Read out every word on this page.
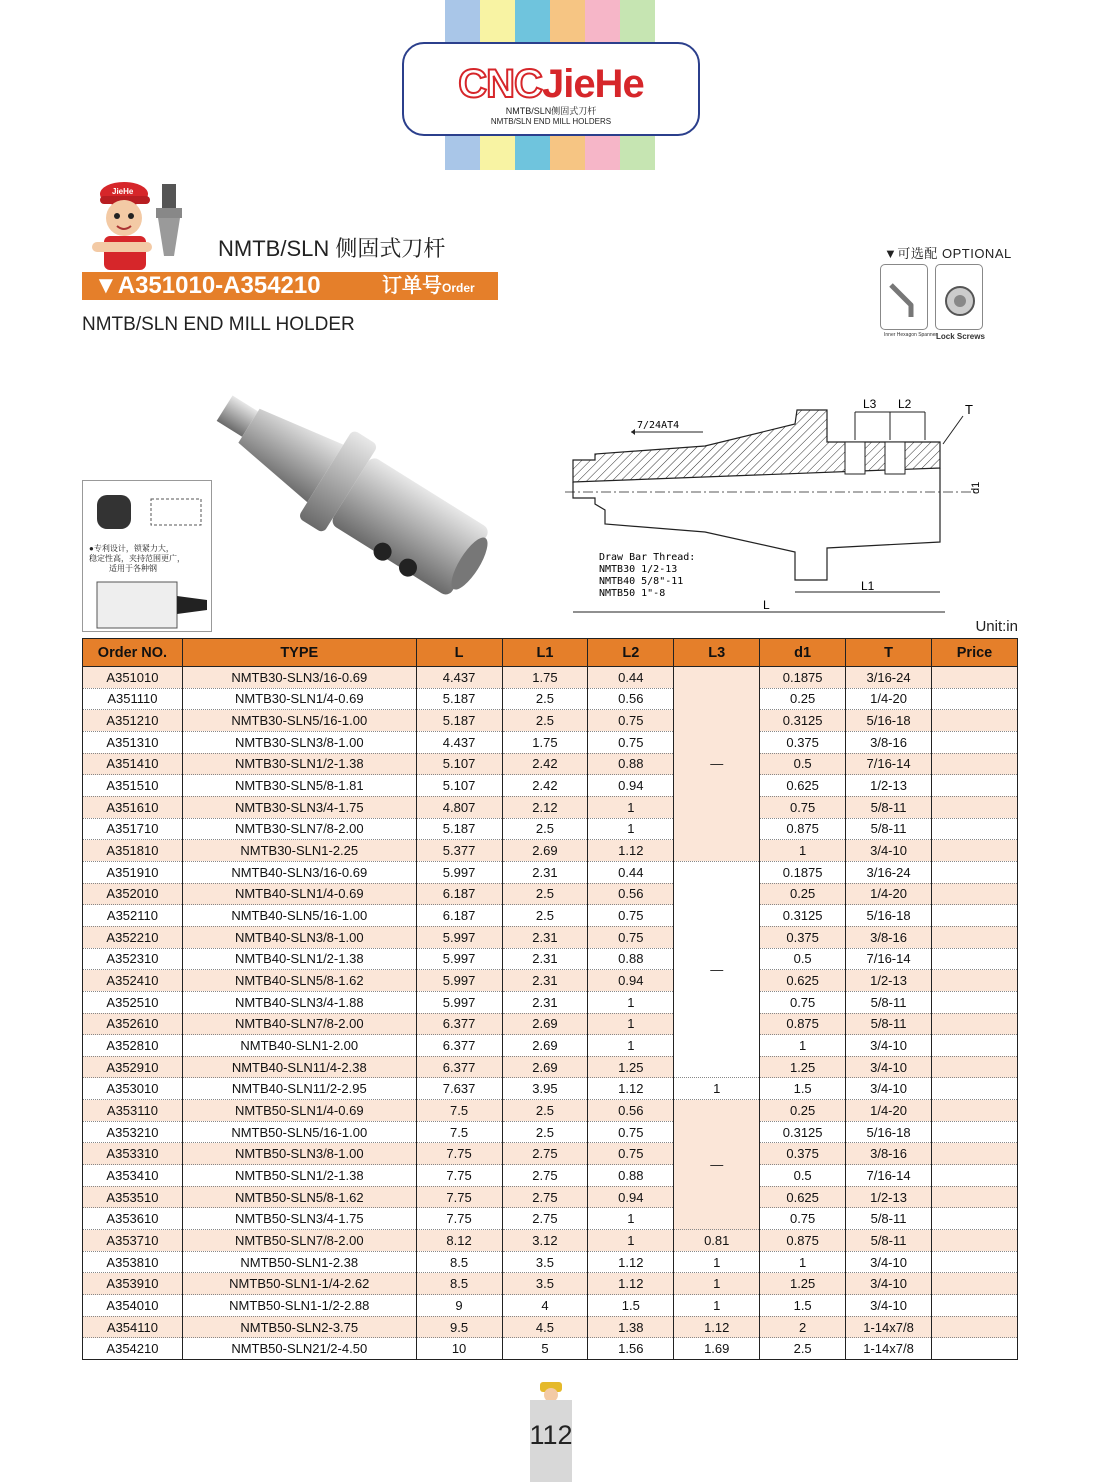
CNCJieHe
NMTB/SLN侧固式刀杆
NMTB/SLN END MILL HOLDERS
JieHe
NMTB/SLN 侧固式刀杆
▼A351010-A354210	订单号Order NO.
NMTB/SLN END MILL HOLDER
▼可选配 OPTIONAL
Inner Hexagon Spanner
Lock Screws
●专利设计，锁紧力大，
稳定性高，夹持范围更广，
适用于各种钢
L3 L2	T
d1
L1
L
7/24AT4
Draw Bar Thread:
NMTB30 1/2-13
NMTB40 5/8"-11
NMTB50 1"-8
Unit:in
Order NO.	TYPE	L	L1	L2	L3	d1	T	Price
A351010	NMTB30-SLN3/16-0.69	4.437	1.75	0.44	—	0.1875	3/16-24	
A351110	NMTB30-SLN1/4-0.69	5.187	2.5	0.56		0.25	1/4-20	
A351210	NMTB30-SLN5/16-1.00	5.187	2.5	0.75		0.3125	5/16-18	
A351310	NMTB30-SLN3/8-1.00	4.437	1.75	0.75		0.375	3/8-16	
A351410	NMTB30-SLN1/2-1.38	5.107	2.42	0.88		0.5	7/16-14	
A351510	NMTB30-SLN5/8-1.81	5.107	2.42	0.94		0.625	1/2-13	
A351610	NMTB30-SLN3/4-1.75	4.807	2.12	1		0.75	5/8-11	
A351710	NMTB30-SLN7/8-2.00	5.187	2.5	1		0.875	5/8-11	
A351810	NMTB30-SLN1-2.25	5.377	2.69	1.12		1	3/4-10	
A351910	NMTB40-SLN3/16-0.69	5.997	2.31	0.44	—	0.1875	3/16-24	
A352010	NMTB40-SLN1/4-0.69	6.187	2.5	0.56		0.25	1/4-20	
A352110	NMTB40-SLN5/16-1.00	6.187	2.5	0.75		0.3125	5/16-18	
A352210	NMTB40-SLN3/8-1.00	5.997	2.31	0.75		0.375	3/8-16	
A352310	NMTB40-SLN1/2-1.38	5.997	2.31	0.88		0.5	7/16-14	
A352410	NMTB40-SLN5/8-1.62	5.997	2.31	0.94		0.625	1/2-13	
A352510	NMTB40-SLN3/4-1.88	5.997	2.31	1		0.75	5/8-11	
A352610	NMTB40-SLN7/8-2.00	6.377	2.69	1		0.875	5/8-11	
A352810	NMTB40-SLN1-2.00	6.377	2.69	1		1	3/4-10	
A352910	NMTB40-SLN11/4-2.38	6.377	2.69	1.25		1.25	3/4-10	
A353010	NMTB40-SLN11/2-2.95	7.637	3.95	1.12	1	1.5	3/4-10	
A353110	NMTB50-SLN1/4-0.69	7.5	2.5	0.56	—	0.25	1/4-20	
A353210	NMTB50-SLN5/16-1.00	7.5	2.5	0.75		0.3125	5/16-18	
A353310	NMTB50-SLN3/8-1.00	7.75	2.75	0.75		0.375	3/8-16	
A353410	NMTB50-SLN1/2-1.38	7.75	2.75	0.88		0.5	7/16-14	
A353510	NMTB50-SLN5/8-1.62	7.75	2.75	0.94		0.625	1/2-13	
A353610	NMTB50-SLN3/4-1.75	7.75	2.75	1		0.75	5/8-11	
A353710	NMTB50-SLN7/8-2.00	8.12	3.12	1	0.81	0.875	5/8-11	
A353810	NMTB50-SLN1-2.38	8.5	3.5	1.12	1	1	3/4-10	
A353910	NMTB50-SLN1-1/4-2.62	8.5	3.5	1.12	1	1.25	3/4-10	
A354010	NMTB50-SLN1-1/2-2.88	9	4	1.5	1	1.5	3/4-10	
A354110	NMTB50-SLN2-3.75	9.5	4.5	1.38	1.12	2	1-14x7/8	
A354210	NMTB50-SLN21/2-4.50	10	5	1.56	1.69	2.5	1-14x7/8	
112
